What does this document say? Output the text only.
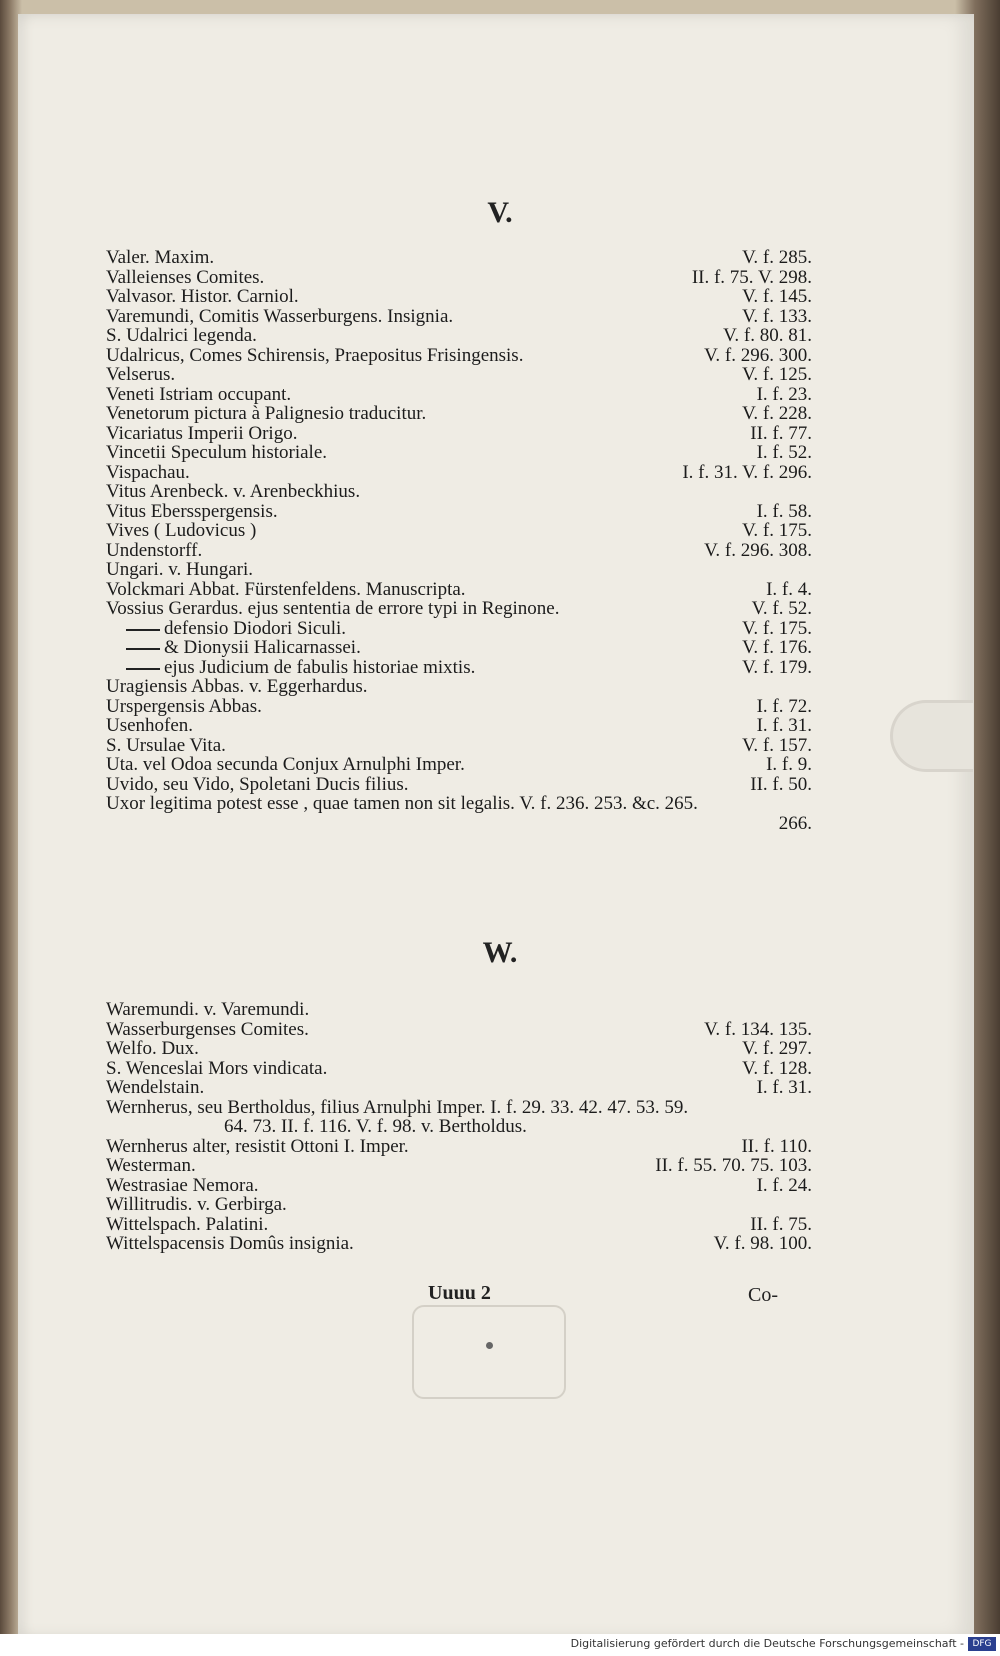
V.
Valer. Maxim.	V. f. 285.
Valleienses Comites.	II. f. 75. V. 298.
Valvasor. Histor. Carniol.	V. f. 145.
Varemundi, Comitis Wasserburgens. Insignia.	V. f. 133.
S. Udalrici legenda.	V. f. 80. 81.
Udalricus, Comes Schirensis, Praepositus Frisingensis.	V. f. 296. 300.
Velserus.	V. f. 125.
Veneti Istriam occupant.	I. f. 23.
Venetorum pictura à Palignesio traducitur.	V. f. 228.
Vicariatus Imperii Origo.	II. f. 77.
Vincetii Speculum historiale.	I. f. 52.
Vispachau.	I. f. 31. V. f. 296.
Vitus Arenbeck. v. Arenbeckhius.
Vitus Ebersspergensis.	I. f. 58.
Vives ( Ludovicus )	V. f. 175.
Undenstorff.	V. f. 296. 308.
Ungari. v. Hungari.
Volckmari Abbat. Fürstenfeldens. Manuscripta.	I. f. 4.
Vossius Gerardus. ejus sententia de errore typi in Reginone.	V. f. 52.
defensio Diodori Siculi.	V. f. 175.
& Dionysii Halicarnassei.	V. f. 176.
ejus Judicium de fabulis historiae mixtis.	V. f. 179.
Uragiensis Abbas. v. Eggerhardus.
Urspergensis Abbas.	I. f. 72.
Usenhofen.	I. f. 31.
S. Ursulae Vita.	V. f. 157.
Uta. vel Odoa secunda Conjux Arnulphi Imper.	I. f. 9.
Uvido, seu Vido, Spoletani Ducis filius.	II. f. 50.
Uxor legitima potest esse , quae tamen non sit legalis. V. f. 236. 253. &c. 265.
266.
W.
Waremundi. v. Varemundi.
Wasserburgenses Comites.	V. f. 134. 135.
Welfo. Dux.	V. f. 297.
S. Wenceslai Mors vindicata.	V. f. 128.
Wendelstain.	I. f. 31.
Wernherus, seu Bertholdus, filius Arnulphi Imper. I. f. 29. 33. 42. 47. 53. 59.
64. 73. II. f. 116. V. f. 98. v. Bertholdus.
Wernherus alter, resistit Ottoni I. Imper.	II. f. 110.
Westerman.	II. f. 55. 70. 75. 103.
Westrasiae Nemora.	I. f. 24.
Willitrudis. v. Gerbirga.
Wittelspach. Palatini.	II. f. 75.
Wittelspacensis Domûs insignia.	V. f. 98. 100.
Uuuu 2	Co-
Digitalisierung gefördert durch die Deutsche Forschungsgemeinschaft - DFG
